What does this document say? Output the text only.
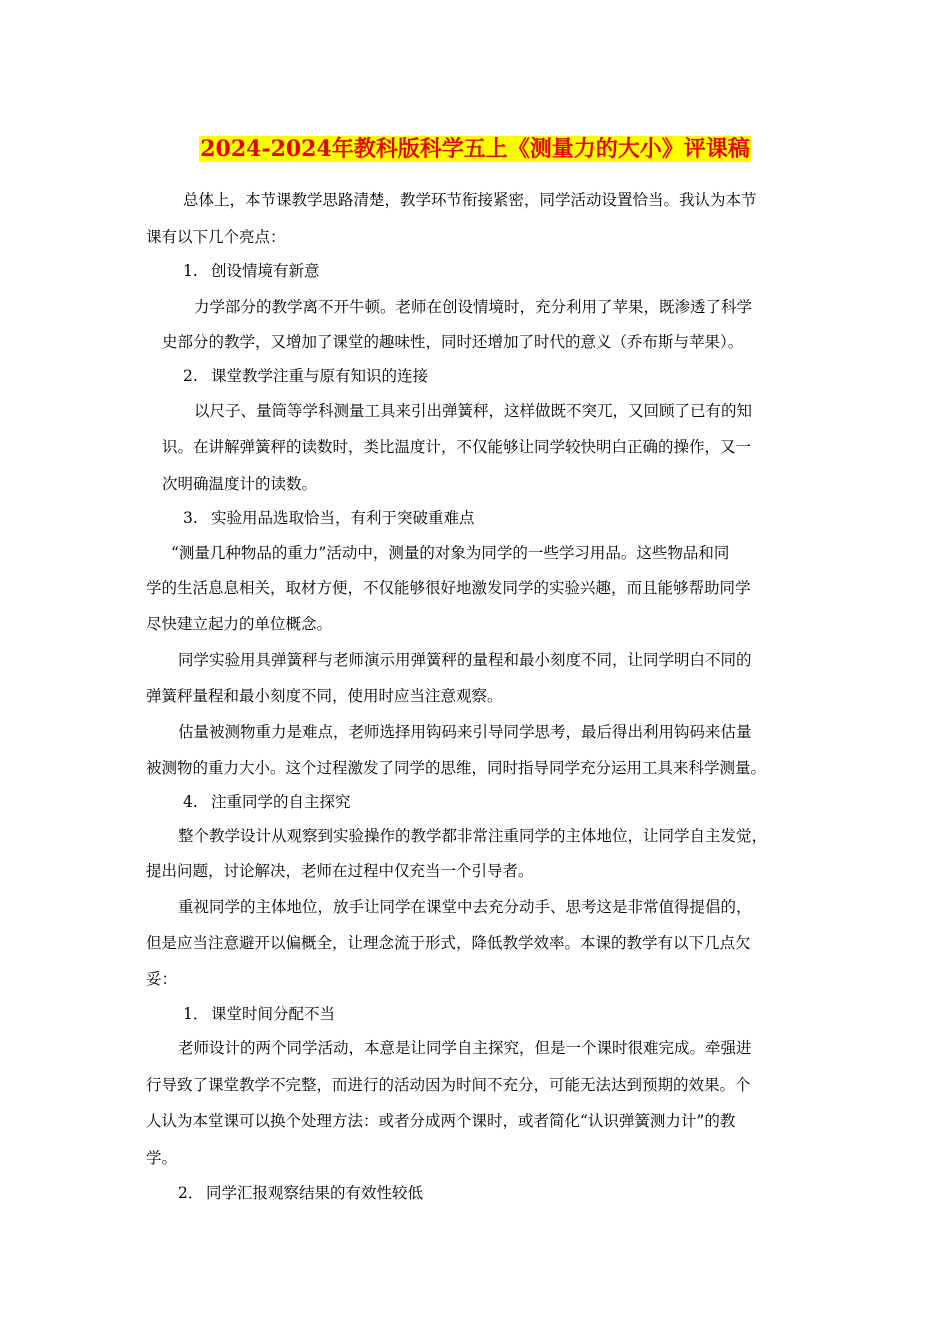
2024-2024年教科版科学五上《测量力的大小》评课稿
总体上，本节课教学思路清楚，教学环节衔接紧密，同学活动设置恰当。我认为本节
课有以下几个亮点：
1. 创设情境有新意
力学部分的教学离不开牛顿。老师在创设情境时，充分利用了苹果，既渗透了科学
史部分的教学，又增加了课堂的趣味性，同时还增加了时代的意义（乔布斯与苹果）。
2. 课堂教学注重与原有知识的连接
以尺子、量筒等学科测量工具来引出弹簧秤，这样做既不突兀，又回顾了已有的知
识。在讲解弹簧秤的读数时，类比温度计，不仅能够让同学较快明白正确的操作，又一
次明确温度计的读数。
3. 实验用品选取恰当，有利于突破重难点
“测量几种物品的重力”活动中，测量的对象为同学的一些学习用品。这些物品和同
学的生活息息相关，取材方便，不仅能够很好地激发同学的实验兴趣，而且能够帮助同学
尽快建立起力的单位概念。
同学实验用具弹簧秤与老师演示用弹簧秤的量程和最小刻度不同，让同学明白不同的
弹簧秤量程和最小刻度不同，使用时应当注意观察。
估量被测物重力是难点，老师选择用钩码来引导同学思考，最后得出利用钩码来估量
被测物的重力大小。这个过程激发了同学的思维，同时指导同学充分运用工具来科学测量。
4. 注重同学的自主探究
整个教学设计从观察到实验操作的教学都非常注重同学的主体地位，让同学自主发觉，
提出问题，讨论解决，老师在过程中仅充当一个引导者。
重视同学的主体地位，放手让同学在课堂中去充分动手、思考这是非常值得提倡的，
但是应当注意避开以偏概全，让理念流于形式，降低教学效率。本课的教学有以下几点欠
妥：
1． 课堂时间分配不当
老师设计的两个同学活动，本意是让同学自主探究，但是一个课时很难完成。牵强进
行导致了课堂教学不完整，而进行的活动因为时间不充分，可能无法达到预期的效果。个
人认为本堂课可以换个处理方法：或者分成两个课时，或者简化“认识弹簧测力计”的教
学。
2． 同学汇报观察结果的有效性较低
